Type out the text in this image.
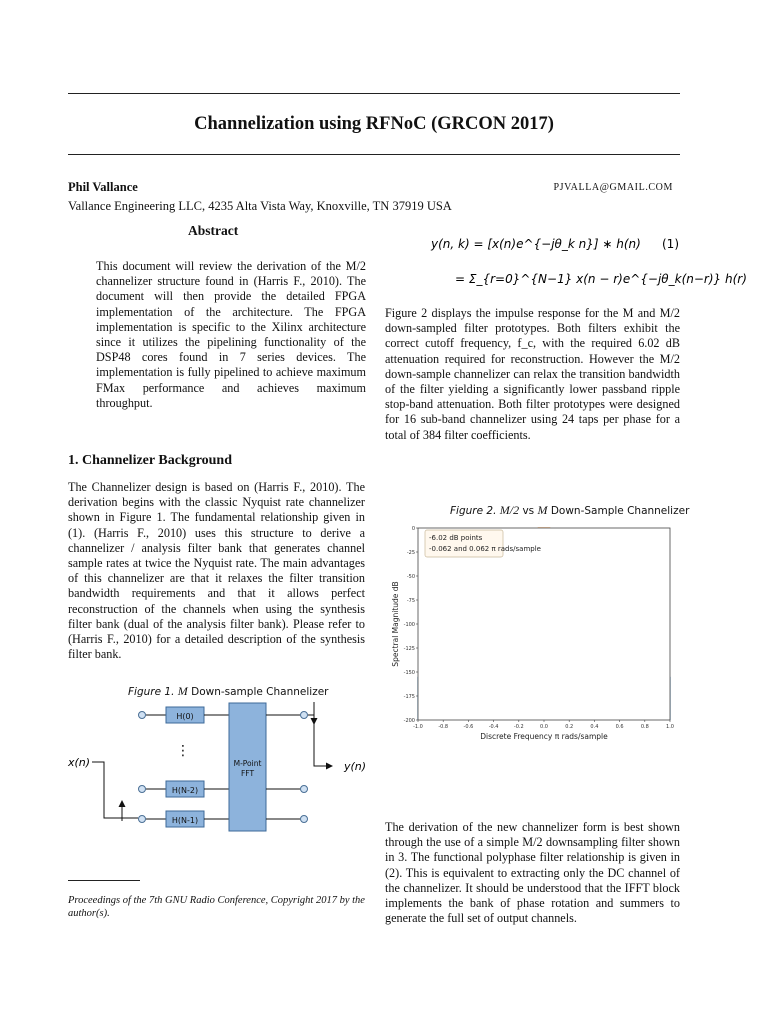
Channelization using RFNoC (GRCON 2017)
Phil Vallance	PJVALLA@GMAIL.COM
Vallance Engineering LLC, 4235 Alta Vista Way, Knoxville, TN 37919 USA
Abstract
This document will review the derivation of the M/2 channelizer structure found in (Harris F., 2010). The document will then provide the detailed FPGA implementation of the architecture. The FPGA implementation is specific to the Xilinx architecture since it utilizes the pipelining functionality of the DSP48 cores found in 7 series devices. The implementation is fully pipelined to achieve maximum FMax performance and achieves maximum throughput.
1. Channelizer Background
The Channelizer design is based on (Harris F., 2010). The derivation begins with the classic Nyquist rate channelizer shown in Figure 1. The fundamental relationship given in (1). (Harris F., 2010) uses this structure to derive a channelizer / analysis filter bank that generates channel sample rates at twice the Nyquist rate. The main advantages of this channelizer are that it relaxes the filter transition bandwidth requirements and that it allows perfect reconstruction of the channels when using the synthesis filter bank (dual of the analysis filter bank). Please refer to (Harris F., 2010) for a detailed description of the synthesis filter bank.
y(n, k) = [x(n)e^{−jθ_k n}] ∗ h(n)
= Σ_{r=0}^{N−1} x(n − r)e^{−jθ_k(n−r)} h(r)
(1)
Figure 2 displays the impulse response for the M and M/2 down-sampled filter prototypes. Both filters exhibit the correct cutoff frequency, f_c, with the required 6.02 dB attenuation required for reconstruction. However the M/2 down-sample channelizer can relax the transition bandwidth of the filter yielding a significantly lower passband ripple stop-band attenuation. Both filter prototypes were designed for 16 sub-band channelizer using 24 taps per phase for a total of 384 filter coefficients.
Figure 2. M/2 vs M Down-Sample Channelizer
-1.0	-0.8	-0.6	-0.4	-0.2	0.0	0.2	0.4	0.6	0.8	1.0
0
-25
-50
-75
-100
-125
-150
-175
-200
Spectral Magnitude dB
Discrete Frequency π rads/sample
-6.02 dB points
-0.062 and 0.062 π rads/sample
Figure 1. M Down-sample Channelizer
x(n)
H(0)
H(N-2)
H(N-1)
⋮
M-Point
FFT
y(n)
The derivation of the new channelizer form is best shown through the use of a simple M/2 downsampling filter shown in 3. The functional polyphase filter relationship is given in (2). This is equivalent to extracting only the DC channel of the channelizer. It should be understood that the IFFT block implements the bank of phase rotation and summers to generate the full set of output channels.
Proceedings of the 7th GNU Radio Conference, Copyright 2017 by the author(s).
